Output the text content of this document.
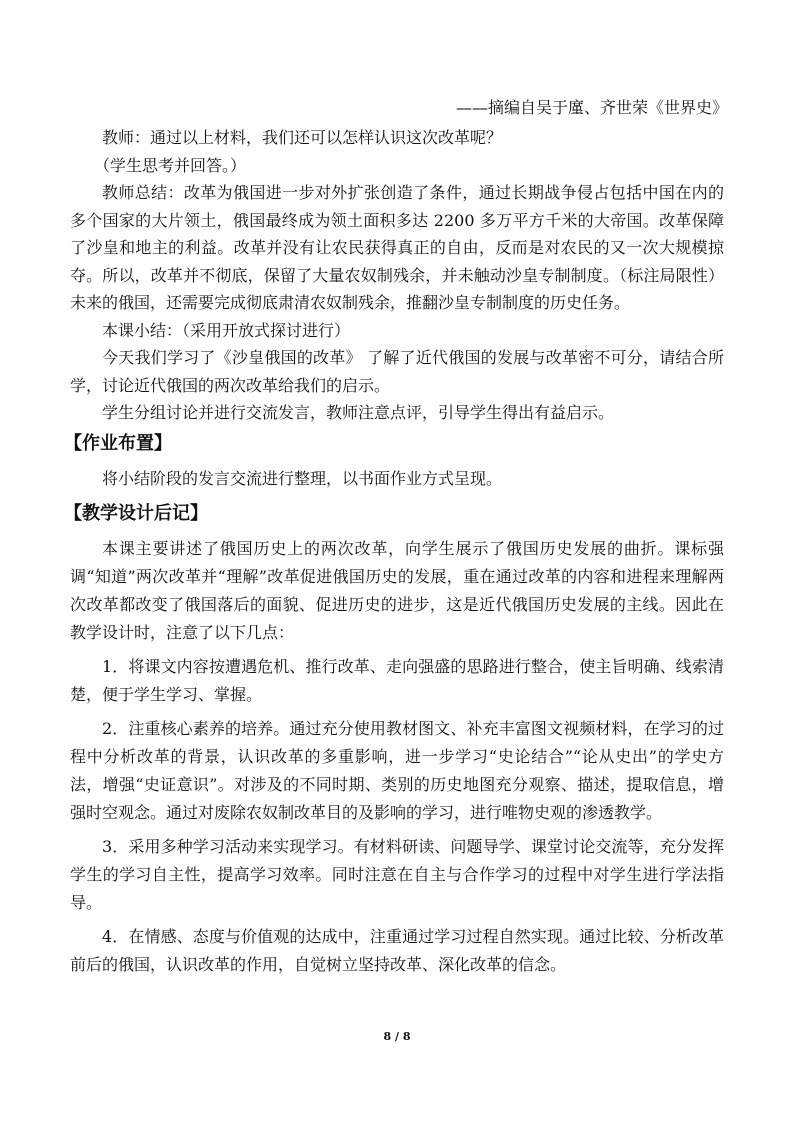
——摘编自吴于廑、齐世荣《世界史》

教师：通过以上材料，我们还可以怎样认识这次改革呢？

（学生思考并回答。）

教师总结：改革为俄国进一步对外扩张创造了条件，通过长期战争侵占包括中国在内的多个国家的大片领土，俄国最终成为领土面积多达 2200 多万平方千米的大帝国。改革保障了沙皇和地主的利益。改革并没有让农民获得真正的自由，反而是对农民的又一次大规模掠夺。所以，改革并不彻底，保留了大量农奴制残余，并未触动沙皇专制制度。（标注局限性）未来的俄国，还需要完成彻底肃清农奴制残余，推翻沙皇专制制度的历史任务。

本课小结：（采用开放式探讨进行）

今天我们学习了《沙皇俄国的改革》 了解了近代俄国的发展与改革密不可分，请结合所学，讨论近代俄国的两次改革给我们的启示。

学生分组讨论并进行交流发言，教师注意点评，引导学生得出有益启示。

【作业布置】

将小结阶段的发言交流进行整理，以书面作业方式呈现。

【教学设计后记】

本课主要讲述了俄国历史上的两次改革，向学生展示了俄国历史发展的曲折。课标强调“知道”两次改革并“理解”改革促进俄国历史的发展，重在通过改革的内容和进程来理解两次改革都改变了俄国落后的面貌、促进历史的进步，这是近代俄国历史发展的主线。因此在教学设计时，注意了以下几点：

1．将课文内容按遭遇危机、推行改革、走向强盛的思路进行整合，使主旨明确、线索清楚，便于学生学习、掌握。

2．注重核心素养的培养。通过充分使用教材图文、补充丰富图文视频材料，在学习的过程中分析改革的背景，认识改革的多重影响，进一步学习“史论结合”“论从史出”的学史方法，增强“史证意识”。对涉及的不同时期、类别的历史地图充分观察、描述，提取信息，增强时空观念。通过对废除农奴制改革目的及影响的学习，进行唯物史观的渗透教学。

3．采用多种学习活动来实现学习。有材料研读、问题导学、课堂讨论交流等，充分发挥学生的学习自主性，提高学习效率。同时注意在自主与合作学习的过程中对学生进行学法指导。

4．在情感、态度与价值观的达成中，注重通过学习过程自然实现。通过比较、分析改革前后的俄国，认识改革的作用，自觉树立坚持改革、深化改革的信念。

8 / 8
